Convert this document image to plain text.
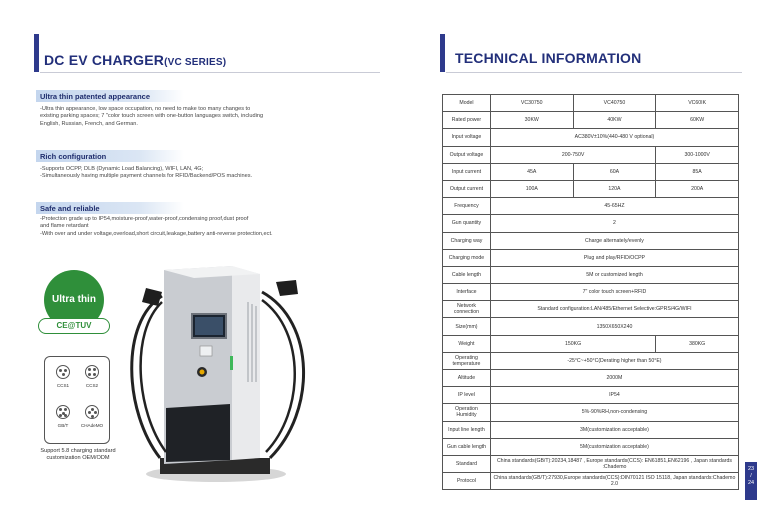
DC EV CHARGER(VC SERIES)
Ultra thin patented appearance
-Ultra thin appearance, low space occupation, no need to make too many changes to
existing parking spaces; 7 "color touch screen with one-button languages switch, including
English, Russian, French, and German.
Rich configuration
-Supports OCPP, DLB (Dynamic Load Balancing), WIFI, LAN, 4G;
-Simultaneously having multiple payment channels for RFID/Backend/POS machines.
Safe and reliable
-Protection grade up to IP54,moisture-proof,water-proof,condensing proof,dust proof
and flame retardant
-With over and under voltage,overload,short circuit,leakage,battery anti-reverse protection,ect.
Ultra thin
CE@TUV
CCS1	CCS2
GB/T	CHAdeMO
Support 5.8 charging standard customization OEM/ODM
TECHNICAL INFORMATION
Model	VC30750	VC40750	VC60IK
Rated power	30KW	40KW	60KW
Input voltage	AC380V±10%(440-480 V optional)		
Output voltage	200-750V		300-1000V
Input current	45A	60A	85A
Output current	100A	120A	200A
Frequency	45-65HZ		
Gun quantity	2		
Charging way	Charge alternately/evenly		
Charging mode	Plug and play/RFID/OCPP		
Cable length	5M or customized length		
Interface	7" color touch screen+RFID		
Network connection	Standard configuration:LAN/485/Ethernet Selective:GPRS/4G/WIFI		
Size(mm)	1350X650X240		
Weight	150KG		380KG
Operating temperature	-25°C~+50°C(Derating higher than 50°E)		
Altitude	2000M		
IP level	IP54		
Operation Humidity	5%-90%RH,non-condensing		
Input line length	3M(customization acceptable)		
Gun cable length	5M(customization acceptable)		
Standard	China standards(GB/T):20234,18487 , Europe standards(CCS): EN61851,EN62196 , Japan standards :Chademo		
Protocol	China standards(GB/T):27930,Europe standards(CCS):DIN70121 ISO 15118, Japan standards:Chademo 2.0		
23
/
24
